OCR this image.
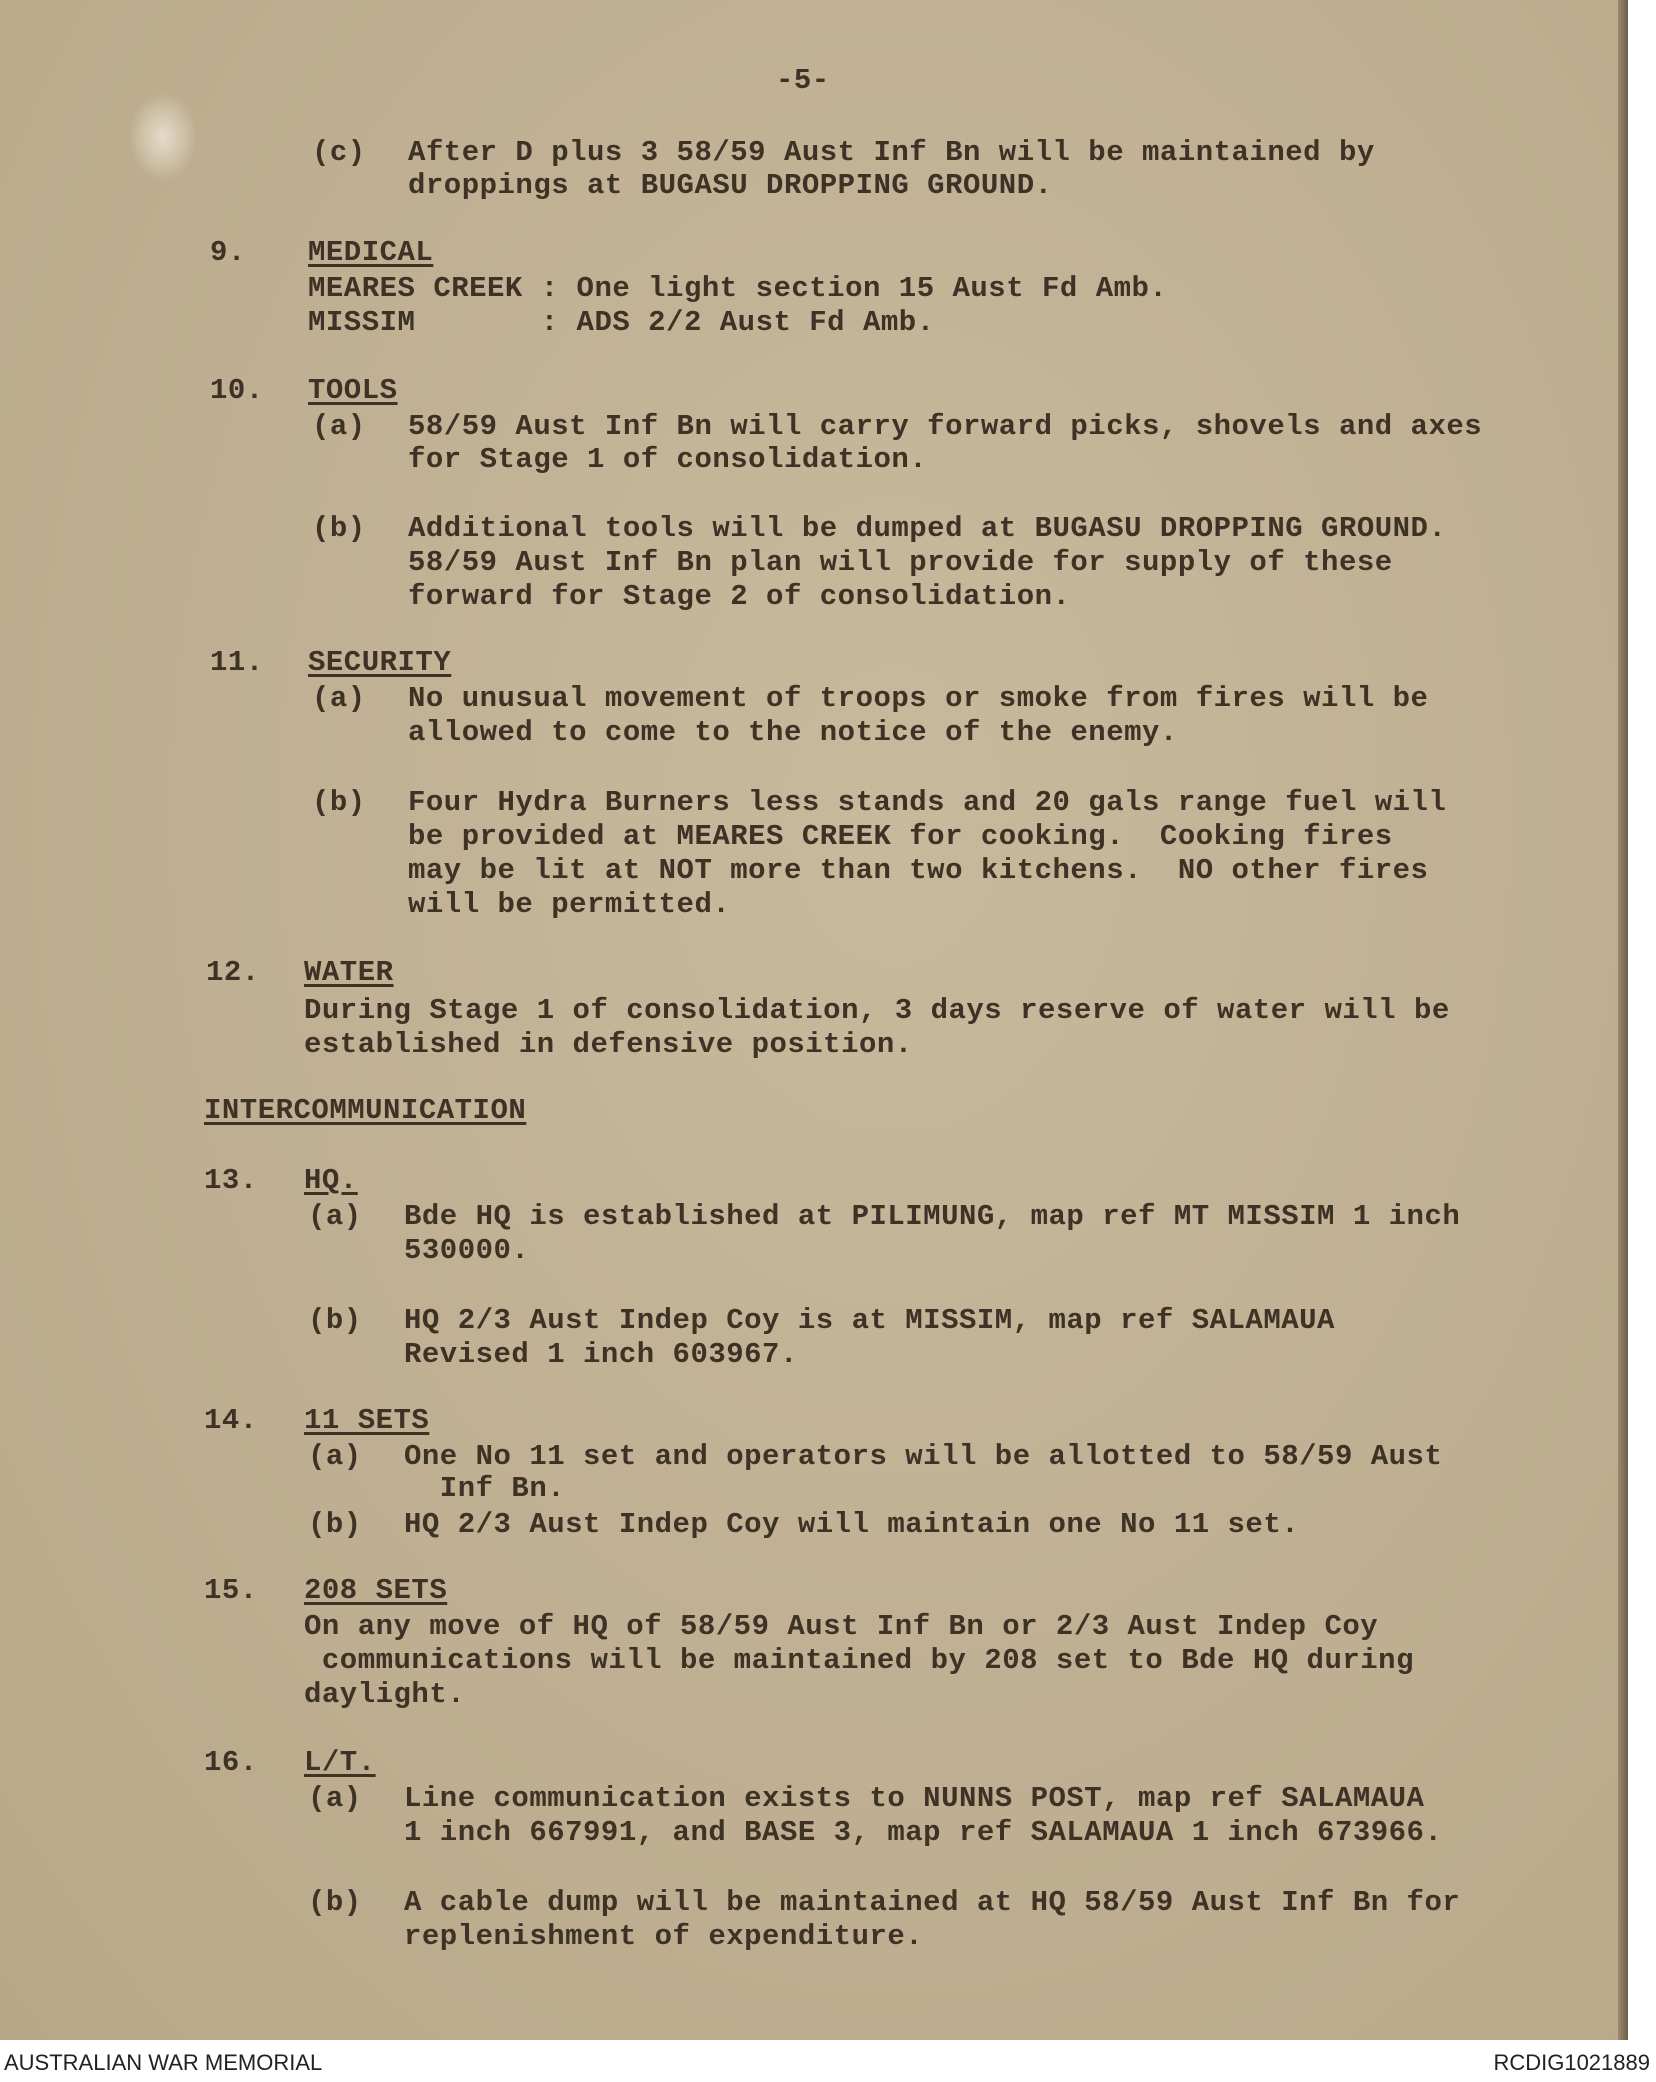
-5-
(c) After D plus 3 58/59 Aust Inf Bn will be maintained by
droppings at BUGASU DROPPING GROUND.
9. MEDICAL
MEARES CREEK : One light section 15 Aust Fd Amb.
MISSIM       : ADS 2/2 Aust Fd Amb.
10. TOOLS
(a) 58/59 Aust Inf Bn will carry forward picks, shovels and axes
for Stage 1 of consolidation.
(b) Additional tools will be dumped at BUGASU DROPPING GROUND.
58/59 Aust Inf Bn plan will provide for supply of these
forward for Stage 2 of consolidation.
11. SECURITY
(a) No unusual movement of troops or smoke from fires will be
allowed to come to the notice of the enemy.
(b) Four Hydra Burners less stands and 20 gals range fuel will
be provided at MEARES CREEK for cooking.  Cooking fires
may be lit at NOT more than two kitchens.  NO other fires
will be permitted.
12. WATER
During Stage 1 of consolidation, 3 days reserve of water will be
established in defensive position.
INTERCOMMUNICATION
13. HQ.
(a) Bde HQ is established at PILIMUNG, map ref MT MISSIM 1 inch
530000.
(b) HQ 2/3 Aust Indep Coy is at MISSIM, map ref SALAMAUA
Revised 1 inch 603967.
14. 11 SETS
(a) One No 11 set and operators will be allotted to 58/59 Aust
Inf Bn.
(b) HQ 2/3 Aust Indep Coy will maintain one No 11 set.
15. 208 SETS
On any move of HQ of 58/59 Aust Inf Bn or 2/3 Aust Indep Coy
communications will be maintained by 208 set to Bde HQ during
daylight.
16. L/T.
(a) Line communication exists to NUNNS POST, map ref SALAMAUA
1 inch 667991, and BASE 3, map ref SALAMAUA 1 inch 673966.
(b) A cable dump will be maintained at HQ 58/59 Aust Inf Bn for
replenishment of expenditure.
AUSTRALIAN WAR MEMORIAL	RCDIG1021889
